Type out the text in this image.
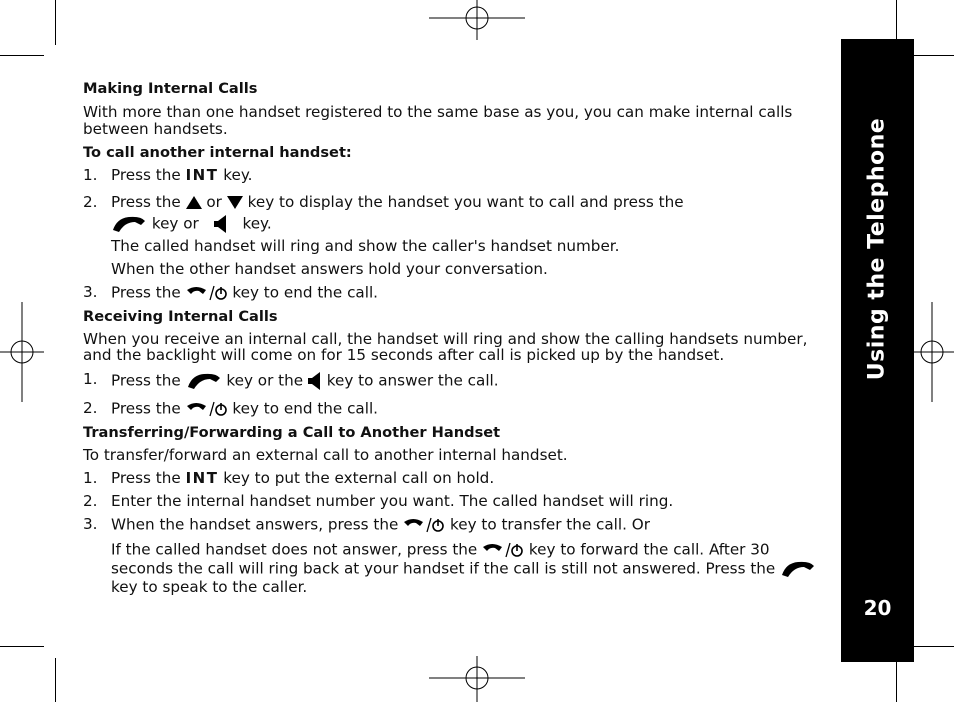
Using the Telephone
20

Making Internal Calls

With more than one handset registered to the same base as you, you can make internal calls between handsets.

To call another internal handset:

1. Press the INT key.
2. Press the or key to display the handset you want to call and press the
key or	key.
The called handset will ring and show the caller's handset number.
When the other handset answers hold your conversation.
3. Press the	key to end the call.

Receiving Internal Calls

When you receive an internal call, the handset will ring and show the calling handsets number, and the backlight will come on for 15 seconds after call is picked up by the handset.

1. Press the	key or the key to answer the call.
2. Press the	key to end the call.

Transferring/Forwarding a Call to Another Handset

To transfer/forward an external call to another internal handset.

1. Press the INT key to put the external call on hold.
2. Enter the internal handset number you want. The called handset will ring.
3. When the handset answers, press the	key to transfer the call. Or
If the called handset does not answer, press the	key to forward the call. After 30 seconds the call will ring back at your handset if the call is still not answered. Press the  key to speak to the caller.
